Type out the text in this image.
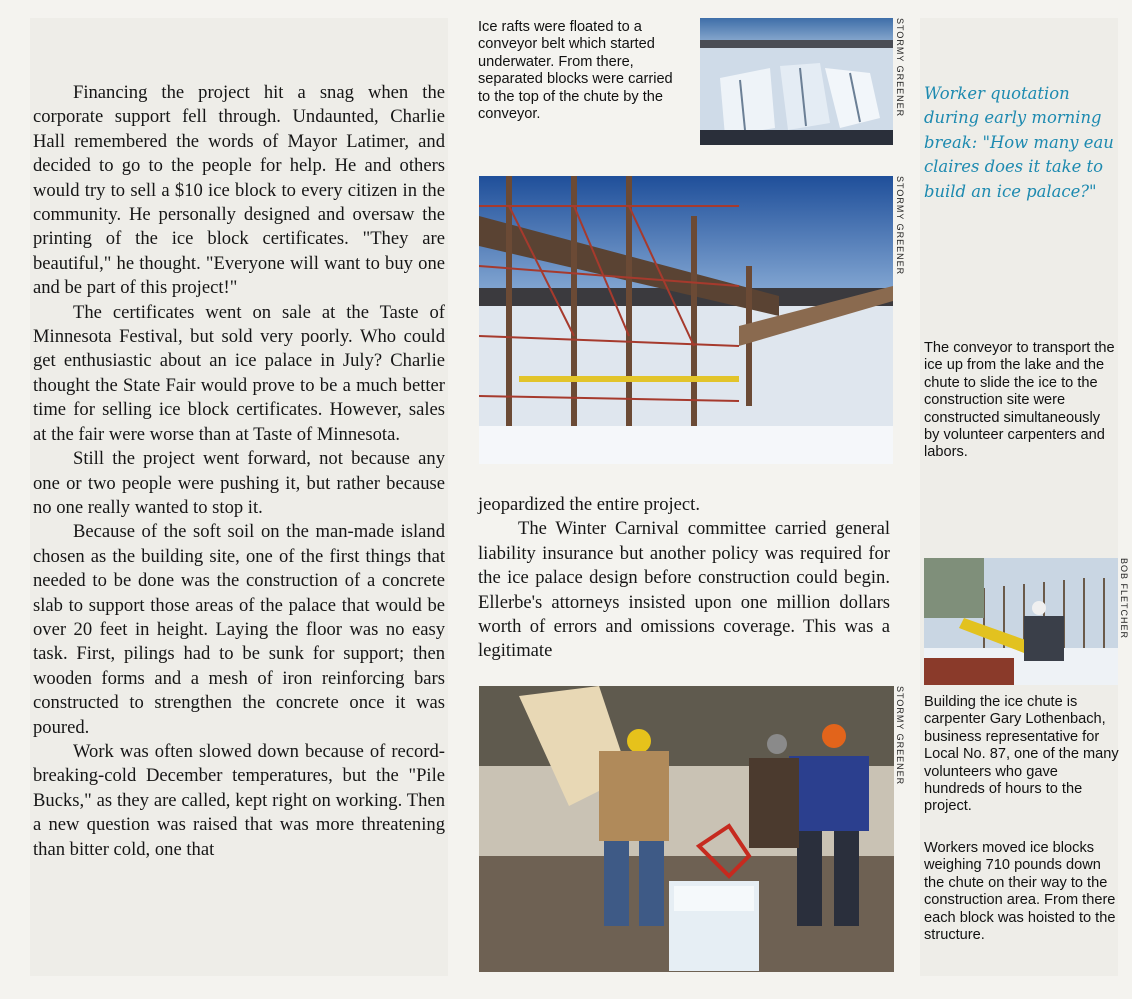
Financing the project hit a snag when the corporate support fell through. Undaunted, Charlie Hall remembered the words of Mayor Latimer, and decided to go to the people for help. He and others would try to sell a $10 ice block to every citizen in the community. He personally designed and oversaw the printing of the ice block certificates. "They are beautiful," he thought. "Everyone will want to buy one and be part of this project!"

The certificates went on sale at the Taste of Minnesota Festival, but sold very poorly. Who could get enthusiastic about an ice palace in July? Charlie thought the State Fair would prove to be a much better time for selling ice block certificates. However, sales at the fair were worse than at Taste of Minnesota.

Still the project went forward, not because any one or two people were pushing it, but rather because no one really wanted to stop it.

Because of the soft soil on the man-made island chosen as the building site, one of the first things that needed to be done was the construction of a concrete slab to support those areas of the palace that would be over 20 feet in height. Laying the floor was no easy task. First, pilings had to be sunk for support; then wooden forms and a mesh of iron reinforcing bars constructed to strengthen the concrete once it was poured.

Work was often slowed down because of record-breaking-cold December temperatures, but the "Pile Bucks," as they are called, kept right on working. Then a new question was raised that was more threatening than bitter cold, one that

Ice rafts were floated to a conveyor belt which started underwater. From there, separated blocks were carried to the top of the chute by the conveyor.	STORMY GREENER
STORMY GREENER

jeopardized the entire project.

The Winter Carnival committee carried general liability insurance but another policy was required for the ice palace design before construction could begin. Ellerbe's attorneys insisted upon one million dollars worth of errors and omissions coverage. This was a legitimate

STORMY GREENER
Worker quotation during early morning break: "How many eau claires does it take to build an ice palace?"
The conveyor to transport the ice up from the lake and the chute to slide the ice to the construction site were constructed simultaneously by volunteer carpenters and labors.
BOB FLETCHER
Building the ice chute is carpenter Gary Lothenbach, business representative for Local No. 87, one of the many volunteers who gave hundreds of hours to the project.
Workers moved ice blocks weighing 710 pounds down the chute on their way to the construction area. From there each block was hoisted to the structure.
